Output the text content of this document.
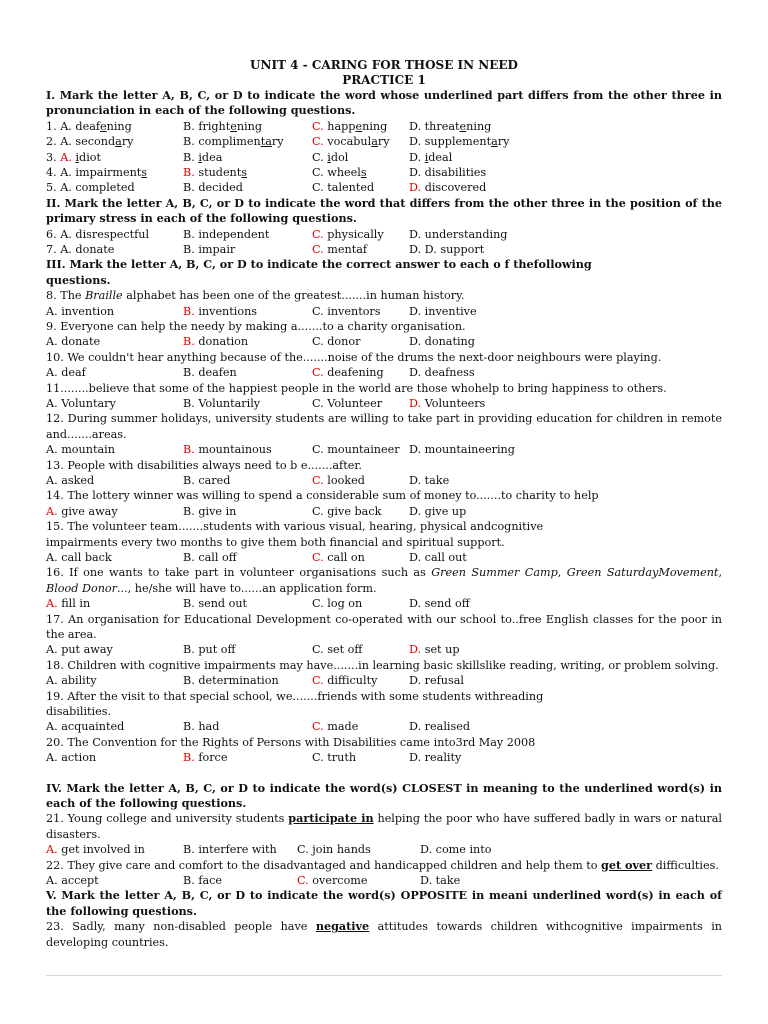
UNIT 4 - CARING FOR THOSE IN NEED
PRACTICE 1
I. Mark the letter A, B, C, or D to indicate the word whose underlined part differs from the other three in pronunciation in each of the following questions.
1. A. deafening	B. frightening	C. happening	D. threatening
2. A. secondary	B. complimentary	C. vocabulary	D. supplementary
3. A. idiot	B. idea	C. idol	D. ideal
4. A. impairments	B. students	C. wheels	D. disabilities
5. A. completed	B. decided	C. talented	D. discovered
II. Mark the letter A, B, C, or D to indicate the word that differs from the other three in the position of the primary stress in each of the following questions.
6. A. disrespectful	B. independent	C. physically	D. understanding
7. A. donate	B. impair	C. mentaf	D. D. support
III. Mark the letter A, B, C, or D to indicate the correct answer to each o f thefollowing
questions.
8. The Braille alphabet has been one of the greatest.......in human history.
A. invention	B. inventions	C. inventors	D. inventive
9. Everyone can help the needy by making a.......to a charity organisation.
A. donate	B. donation	C. donor	D. donating
10. We couldn't hear anything because of the.......noise of the drums the next-door neighbours were playing.
A. deaf	B. deafen	C. deafening	D. deafness
11........believe that some of the happiest people in the world are those whohelp to bring happiness to others.
A. Voluntary	B. Voluntarily	C. Volunteer	D. Volunteers
12. During summer holidays, university students are willing to take part in providing education for children in remote and.......areas.
A. mountain	B. mountainous	C. mountaineer D. mountaineering
13. People with disabilities always need to b e.......after.
A. asked	B. cared	C. looked	D. take
14. The lottery winner was willing to spend a considerable sum of money to.......to charity to help
A. give away	B. give in	C. give back	D. give up
15. The volunteer team.......students with various visual, hearing, physical andcognitive
impairments every two months to give them both financial and spiritual support.
A. call back	B. call off	C. call on	D. call out
16. If one wants to take part in volunteer organisations such as Green Summer Camp, Green SaturdayMovement, Blood Donor..., he/she will have to......an application form.
A. fill in	B. send out	C. log on	D. send off
17. An organisation for Educational Development co-operated with our school to..free English classes for the poor in the area.
A. put away	B. put off	C. set off	D. set up
18. Children with cognitive impairments may have.......in learning basic skillslike reading, writing, or problem solving.
A. ability	B. determination	C. difficulty	D. refusal
19. After the visit to that special school, we.......friends with some students withreading
disabilities.
A. acquainted	B. had	C. made	D. realised
20. The Convention for the Rights of Persons with Disabilities came into3rd May 2008
A. action	B. force	C. truth	D. reality
IV. Mark the letter A, B, C, or D to indicate the word(s) CLOSEST in meaning to the underlined word(s) in each of the following questions.
21. Young college and university students participate in helping the poor who have suffered badly in wars or natural disasters.
A. get involved in	B. interfere with	C. join hands	D. come into
22. They give care and comfort to the disadvantaged and handicapped children and help them to get over difficulties.
A. accept	B. face	C. overcome	D. take
V. Mark the letter A, B, C, or D to indicate the word(s) OPPOSITE in meani underlined word(s) in each of the following questions.
23. Sadly, many non-disabled people have negative attitudes towards children withcognitive impairments in developing countries.
